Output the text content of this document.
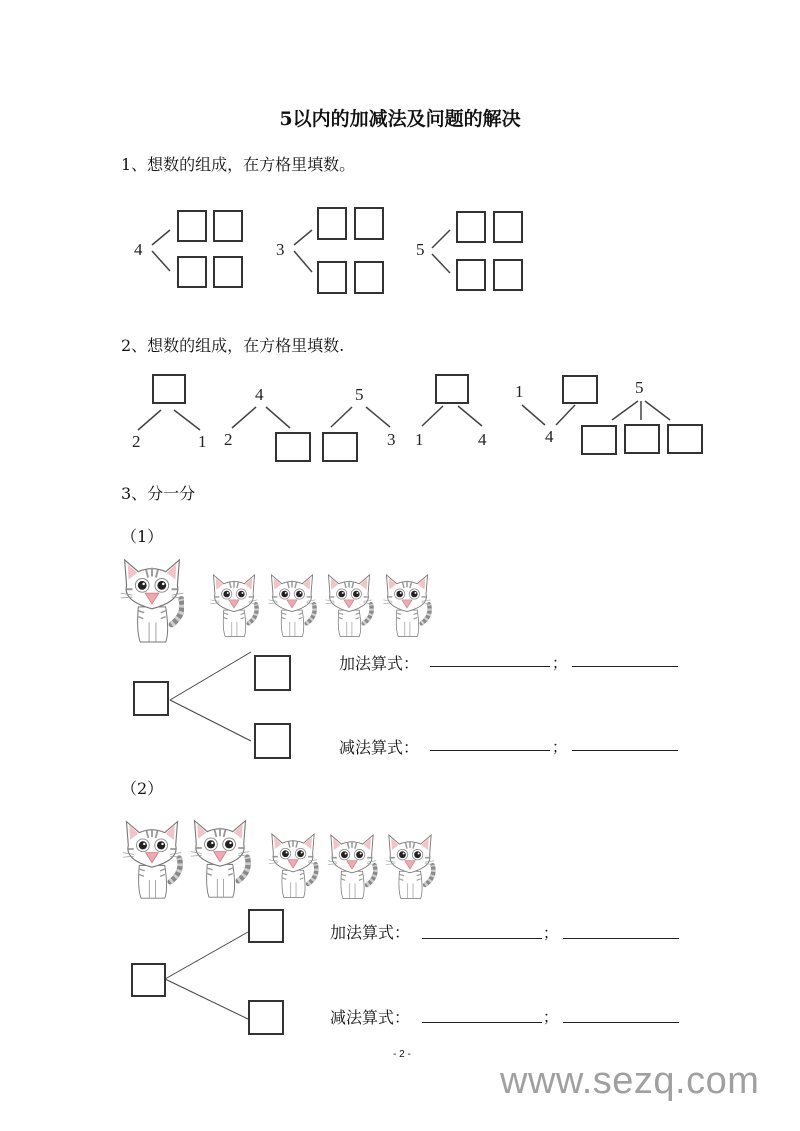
5以内的加减法及问题的解决
1、想数的组成，在方格里填数。
4	3	5
2、想数的组成，在方格里填数.
2	1
4
2
5
3 1	4
1
4
5
3、分一分
（1）
加法算式：	；
减法算式：	；
（2）
加法算式：	；
减法算式：	；
- 2 -
www.sezq.com
